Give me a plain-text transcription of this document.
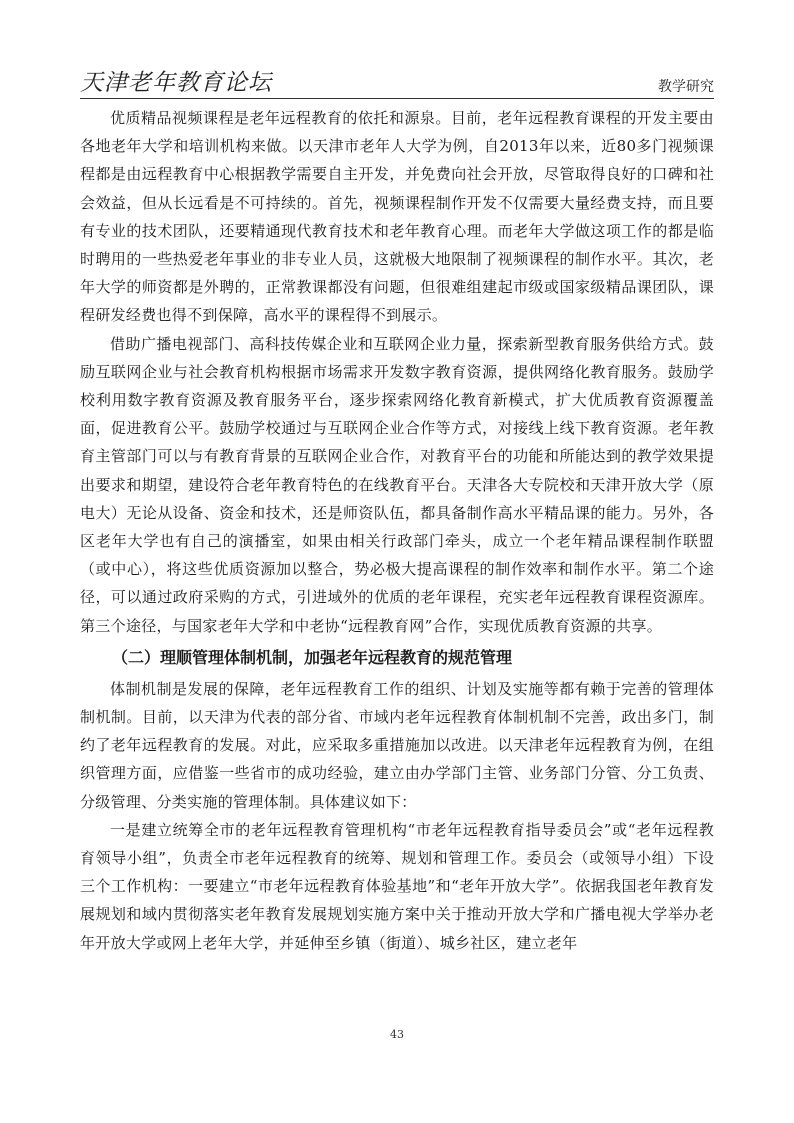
天津老年教育论坛	教学研究

优质精品视频课程是老年远程教育的依托和源泉。目前，老年远程教育课程的开发主要由各地老年大学和培训机构来做。以天津市老年人大学为例，自2013年以来，近80多门视频课程都是由远程教育中心根据教学需要自主开发，并免费向社会开放，尽管取得良好的口碑和社会效益，但从长远看是不可持续的。首先，视频课程制作开发不仅需要大量经费支持，而且要有专业的技术团队，还要精通现代教育技术和老年教育心理。而老年大学做这项工作的都是临时聘用的一些热爱老年事业的非专业人员，这就极大地限制了视频课程的制作水平。其次，老年大学的师资都是外聘的，正常教课都没有问题，但很难组建起市级或国家级精品课团队，课程研发经费也得不到保障，高水平的课程得不到展示。

借助广播电视部门、高科技传媒企业和互联网企业力量，探索新型教育服务供给方式。鼓励互联网企业与社会教育机构根据市场需求开发数字教育资源，提供网络化教育服务。鼓励学校利用数字教育资源及教育服务平台，逐步探索网络化教育新模式，扩大优质教育资源覆盖面，促进教育公平。鼓励学校通过与互联网企业合作等方式，对接线上线下教育资源。老年教育主管部门可以与有教育背景的互联网企业合作，对教育平台的功能和所能达到的教学效果提出要求和期望，建设符合老年教育特色的在线教育平台。天津各大专院校和天津开放大学（原电大）无论从设备、资金和技术，还是师资队伍，都具备制作高水平精品课的能力。另外，各区老年大学也有自己的演播室，如果由相关行政部门牵头，成立一个老年精品课程制作联盟（或中心），将这些优质资源加以整合，势必极大提高课程的制作效率和制作水平。第二个途径，可以通过政府采购的方式，引进域外的优质的老年课程，充实老年远程教育课程资源库。第三个途径，与国家老年大学和中老协“远程教育网”合作，实现优质教育资源的共享。

（二）理顺管理体制机制，加强老年远程教育的规范管理

体制机制是发展的保障，老年远程教育工作的组织、计划及实施等都有赖于完善的管理体制机制。目前，以天津为代表的部分省、市域内老年远程教育体制机制不完善，政出多门，制约了老年远程教育的发展。对此，应采取多重措施加以改进。以天津老年远程教育为例，在组织管理方面，应借鉴一些省市的成功经验，建立由办学部门主管、业务部门分管、分工负责、分级管理、分类实施的管理体制。具体建议如下：

一是建立统筹全市的老年远程教育管理机构“市老年远程教育指导委员会”或“老年远程教育领导小组”，负责全市老年远程教育的统筹、规划和管理工作。委员会（或领导小组）下设三个工作机构：一要建立“市老年远程教育体验基地”和“老年开放大学”。依据我国老年教育发展规划和域内贯彻落实老年教育发展规划实施方案中关于推动开放大学和广播电视大学举办老年开放大学或网上老年大学，并延伸至乡镇（街道）、城乡社区，建立老年

43
